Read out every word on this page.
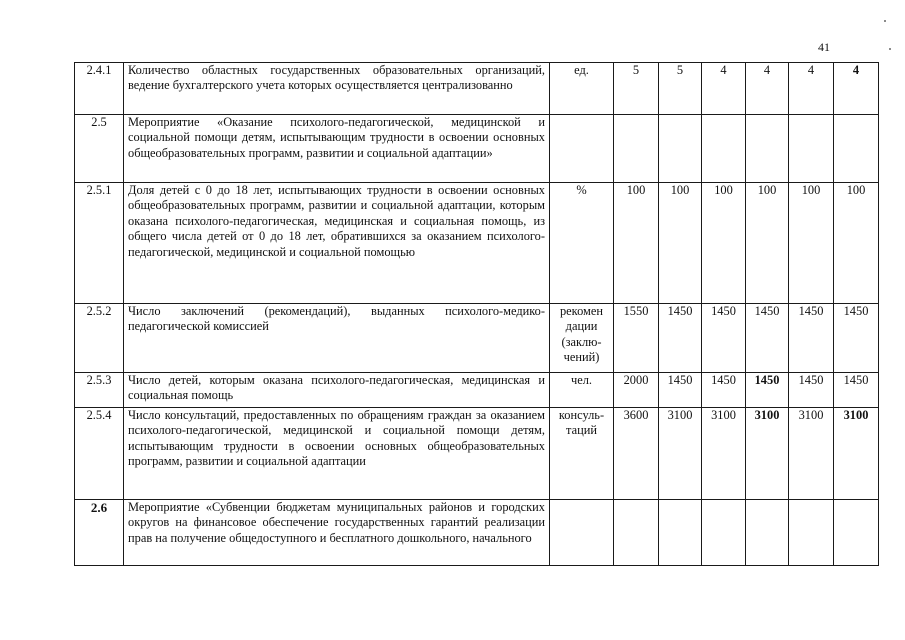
41
2.4.1	Количество областных государственных образовательных организаций, ведение бухгалтерского учета которых осуществляется централизованно	ед.	5	5	4	4	4	4
2.5	Мероприятие «Оказание психолого-педагогической, медицинской и социальной помощи детям, испытывающим трудности в освоении основных общеобразовательных программ, развитии и социальной адаптации»							
2.5.1	Доля детей с 0 до 18 лет, испытывающих трудности в освоении основных общеобразовательных программ, развитии и социальной адаптации, которым оказана психолого-педагогическая, медицинская и социальная помощь, из общего числа детей от 0 до 18 лет, обратившихся за оказанием психолого-педагогической, медицинской и социальной помощью	%	100	100	100	100	100	100
2.5.2	Число заключений (рекомендаций), выданных психолого-медико-педагогической комиссией	рекомен дации (заклю-чений)	1550	1450	1450	1450	1450	1450
2.5.3	Число детей, которым оказана психолого-педагогическая, медицинская и социальная помощь	чел.	2000	1450	1450	1450	1450	1450
2.5.4	Число консультаций, предоставленных по обращениям граждан за оказанием психолого-педагогической, медицинской и социальной помощи детям, испытывающим трудности в освоении основных общеобразовательных программ, развитии и социальной адаптации	консуль-таций	3600	3100	3100	3100	3100	3100
2.6	Мероприятие «Субвенции бюджетам муниципальных районов и городских округов на финансовое обеспечение государственных гарантий реализации прав на получение общедоступного и бесплатного дошкольного, начального							
